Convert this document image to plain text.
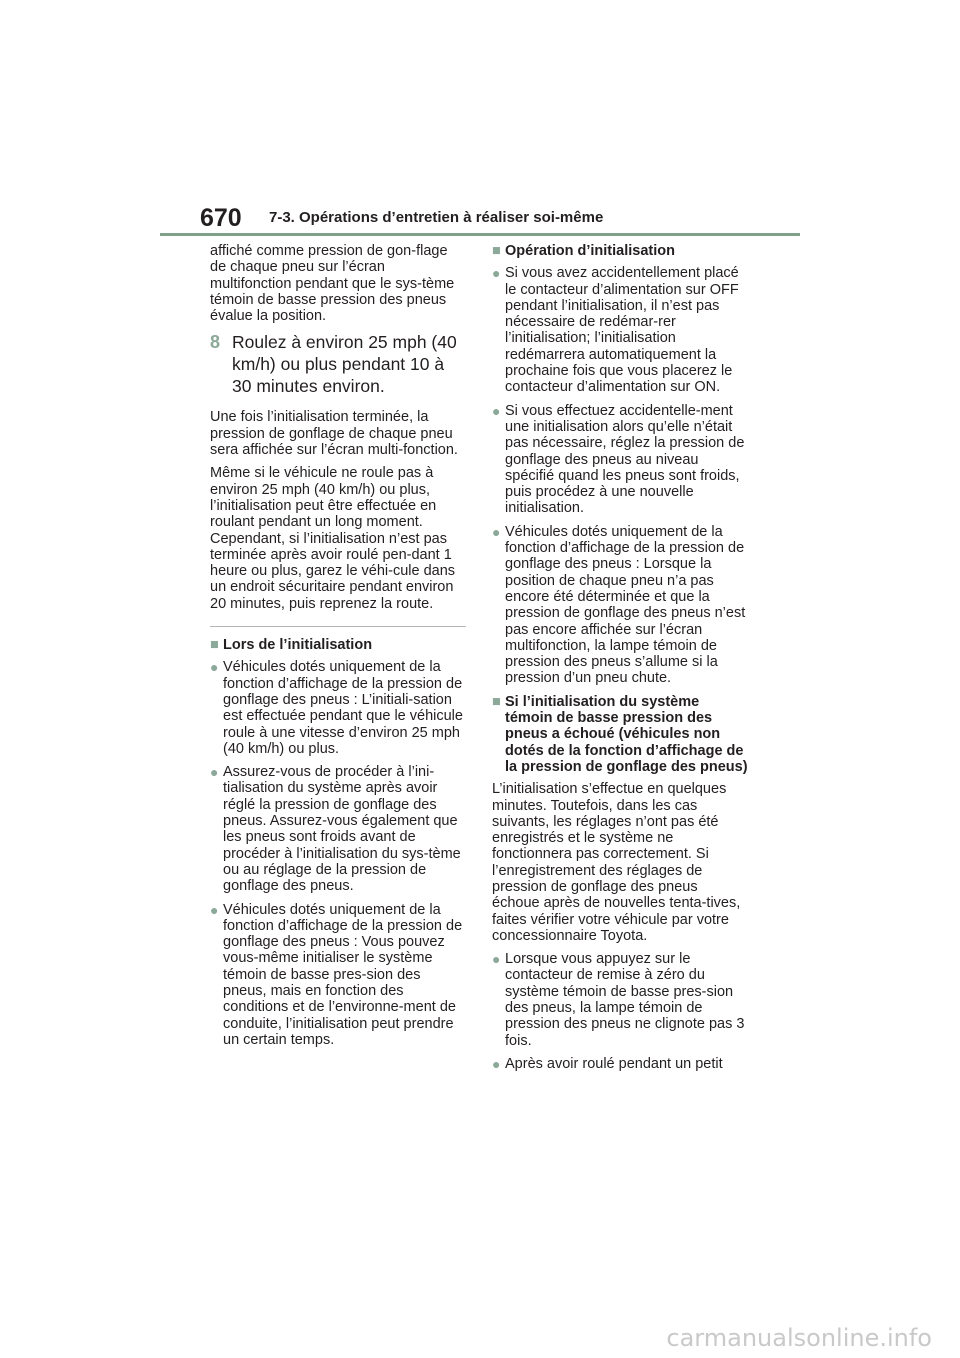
670 7-3. Opérations d’entretien à réaliser soi-même

affiché comme pression de gon-flage de chaque pneu sur l’écran multifonction pendant que le sys-tème témoin de basse pression des pneus évalue la position.

8 Roulez à environ 25 mph (40 km/h) ou plus pendant 10 à 30 minutes environ.

Une fois l’initialisation terminée, la pression de gonflage de chaque pneu sera affichée sur l’écran multi-fonction.

Même si le véhicule ne roule pas à environ 25 mph (40 km/h) ou plus, l’initialisation peut être effectuée en roulant pendant un long moment. Cependant, si l’initialisation n’est pas terminée après avoir roulé pen-dant 1 heure ou plus, garez le véhi-cule dans un endroit sécuritaire pendant environ 20 minutes, puis reprenez la route.

■ Lors de l’initialisation
● Véhicules dotés uniquement de la fonction d’affichage de la pression de gonflage des pneus : L’initiali-sation est effectuée pendant que le véhicule roule à une vitesse d’environ 25 mph (40 km/h) ou plus.
● Assurez-vous de procéder à l’ini-tialisation du système après avoir réglé la pression de gonflage des pneus. Assurez-vous également que les pneus sont froids avant de procéder à l’initialisation du sys-tème ou au réglage de la pression de gonflage des pneus.
● Véhicules dotés uniquement de la fonction d’affichage de la pression de gonflage des pneus : Vous pouvez vous-même initialiser le système témoin de basse pres-sion des pneus, mais en fonction des conditions et de l’environne-ment de conduite, l’initialisation peut prendre un certain temps.
■ Opération d’initialisation
● Si vous avez accidentellement placé le contacteur d’alimentation sur OFF pendant l’initialisation, il n’est pas nécessaire de redémar-rer l’initialisation; l’initialisation redémarrera automatiquement la prochaine fois que vous placerez le contacteur d’alimentation sur ON.
● Si vous effectuez accidentelle-ment une initialisation alors qu’elle n’était pas nécessaire, réglez la pression de gonflage des pneus au niveau spécifié quand les pneus sont froids, puis procédez à une nouvelle initialisation.
● Véhicules dotés uniquement de la fonction d’affichage de la pression de gonflage des pneus : Lorsque la position de chaque pneu n’a pas encore été déterminée et que la pression de gonflage des pneus n’est pas encore affichée sur l’écran multifonction, la lampe témoin de pression des pneus s’allume si la pression d’un pneu chute.
■ Si l’initialisation du système témoin de basse pression des pneus a échoué (véhicules non dotés de la fonction d’affichage de la pression de gonflage des pneus)

L’initialisation s’effectue en quelques minutes. Toutefois, dans les cas suivants, les réglages n’ont pas été enregistrés et le système ne fonctionnera pas correctement. Si l’enregistrement des réglages de pression de gonflage des pneus échoue après de nouvelles tenta-tives, faites vérifier votre véhicule par votre concessionnaire Toyota.

● Lorsque vous appuyez sur le contacteur de remise à zéro du système témoin de basse pres-sion des pneus, la lampe témoin de pression des pneus ne clignote pas 3 fois.
● Après avoir roulé pendant un petit
carmanualsonline.info
